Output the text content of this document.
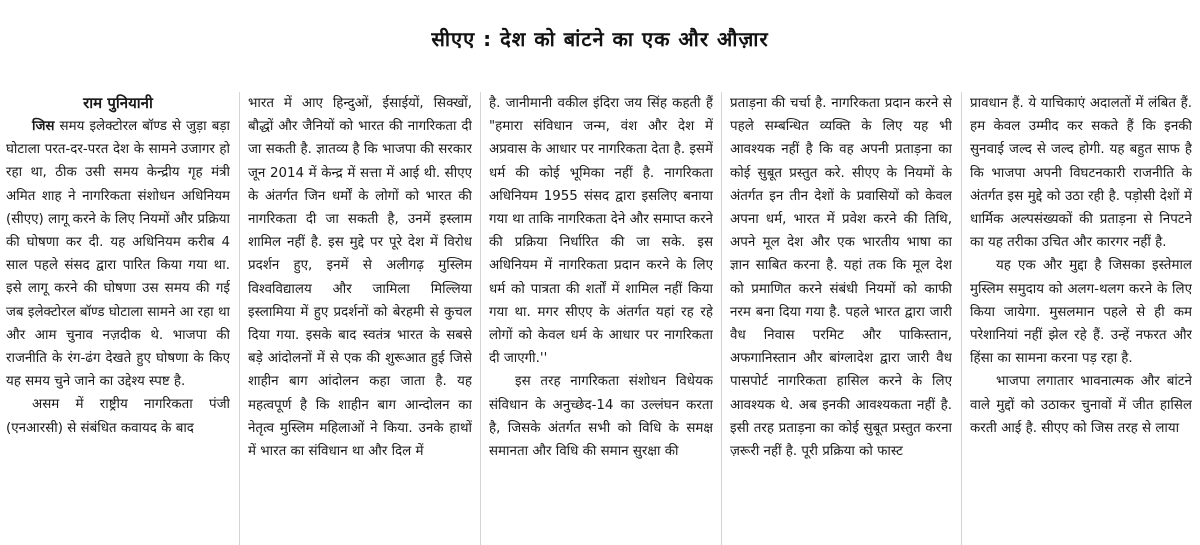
सीएए : देश को बांटने का एक और औज़ार

राम पुनियानी

जिस समय इलेक्टोरल बॉण्ड से जुड़ा बड़ा घोटाला परत-दर-परत देश के सामने उजागर हो रहा था, ठीक उसी समय केन्द्रीय गृह मंत्री अमित शाह ने नागरिकता संशोधन अधिनियम (सीएए) लागू करने के लिए नियमों और प्रक्रिया की घोषणा कर दी. यह अधिनियम करीब 4 साल पहले संसद द्वारा पारित किया गया था. इसे लागू करने की घोषणा उस समय की गई जब इलेक्टोरल बॉण्ड घोटाला सामने आ रहा था और आम चुनाव नज़दीक थे. भाजपा की राजनीति के रंग-ढंग देखते हुए घोषणा के किए यह समय चुने जाने का उद्देश्य स्पष्ट है.

असम में राष्ट्रीय नागरिकता पंजी (एनआरसी) से संबंधित कवायद के बाद

भारत में आए हिन्दुओं, ईसाईयों, सिक्खों, बौद्धों और जैनियों को भारत की नागरिकता दी जा सकती है. ज्ञातव्य है कि भाजपा की सरकार जून 2014 में केन्द्र में सत्ता में आई थी. सीएए के अंतर्गत जिन धर्मों के लोगों को भारत की नागरिकता दी जा सकती है, उनमें इस्लाम शामिल नहीं है. इस मुद्दे पर पूरे देश में विरोध प्रदर्शन हुए, इनमें से अलीगढ़ मुस्लिम विश्वविद्यालय और जामिला मिल्लिया इस्लामिया में हुए प्रदर्शनों को बेरहमी से कुचल दिया गया. इसके बाद स्वतंत्र भारत के सबसे बड़े आंदोलनों में से एक की शुरूआत हुई जिसे शाहीन बाग आंदोलन कहा जाता है. यह महत्वपूर्ण है कि शाहीन बाग आन्दोलन का नेतृत्व मुस्लिम महिलाओं ने किया. उनके हाथों में भारत का संविधान था और दिल में

है. जानीमानी वकील इंदिरा जय सिंह कहती हैं "हमारा संविधान जन्म, वंश और देश में अप्रवास के आधार पर नागरिकता देता है. इसमें धर्म की कोई भूमिका नहीं है. नागरिकता अधिनियम 1955 संसद द्वारा इसलिए बनाया गया था ताकि नागरिकता देने और समाप्त करने की प्रक्रिया निर्धारित की जा सके. इस अधिनियम में नागरिकता प्रदान करने के लिए धर्म को पात्रता की शर्तों में शामिल नहीं किया गया था. मगर सीएए के अंतर्गत यहां रह रहे लोगों को केवल धर्म के आधार पर नागरिकता दी जाएगी.''

इस तरह नागरिकता संशोधन विधेयक संविधान के अनुच्छेद-14 का उल्लंघन करता है, जिसके अंतर्गत सभी को विधि के समक्ष समानता और विधि की समान सुरक्षा की

प्रताड़ना की चर्चा है. नागरिकता प्रदान करने से पहले सम्बन्धित व्यक्ति के लिए यह भी आवश्यक नहीं है कि वह अपनी प्रताड़ना का कोई सुबूत प्रस्तुत करे. सीएए के नियमों के अंतर्गत इन तीन देशों के प्रवासियों को केवल अपना धर्म, भारत में प्रवेश करने की तिथि, अपने मूल देश और एक भारतीय भाषा का ज्ञान साबित करना है. यहां तक कि मूल देश को प्रमाणित करने संबंधी नियमों को काफी नरम बना दिया गया है. पहले भारत द्वारा जारी वैध निवास परमिट और पाकिस्तान, अफगानिस्तान और बांग्लादेश द्वारा जारी वैध पासपोर्ट नागरिकता हासिल करने के लिए आवश्यक थे. अब इनकी आवश्यकता नहीं है. इसी तरह प्रताड़ना का कोई सुबूत प्रस्तुत करना ज़रूरी नहीं है. पूरी प्रक्रिया को फास्ट

प्रावधान हैं. ये याचिकाएं अदालतों में लंबित हैं. हम केवल उम्मीद कर सकते हैं कि इनकी सुनवाई जल्द से जल्द होगी. यह बहुत साफ है कि भाजपा अपनी विघटनकारी राजनीति के अंतर्गत इस मुद्दे को उठा रही है. पड़ोसी देशों में धार्मिक अल्पसंख्यकों की प्रताड़ना से निपटने का यह तरीका उचित और कारगर नहीं है.

यह एक और मुद्दा है जिसका इस्तेमाल मुस्लिम समुदाय को अलग-थलग करने के लिए किया जायेगा. मुसलमान पहले से ही कम परेशानियां नहीं झेल रहे हैं. उन्हें नफरत और हिंसा का सामना करना पड़ रहा है.

भाजपा लगातार भावनात्मक और बांटने वाले मुद्दों को उठाकर चुनावों में जीत हासिल करती आई है. सीएए को जिस तरह से लाया
